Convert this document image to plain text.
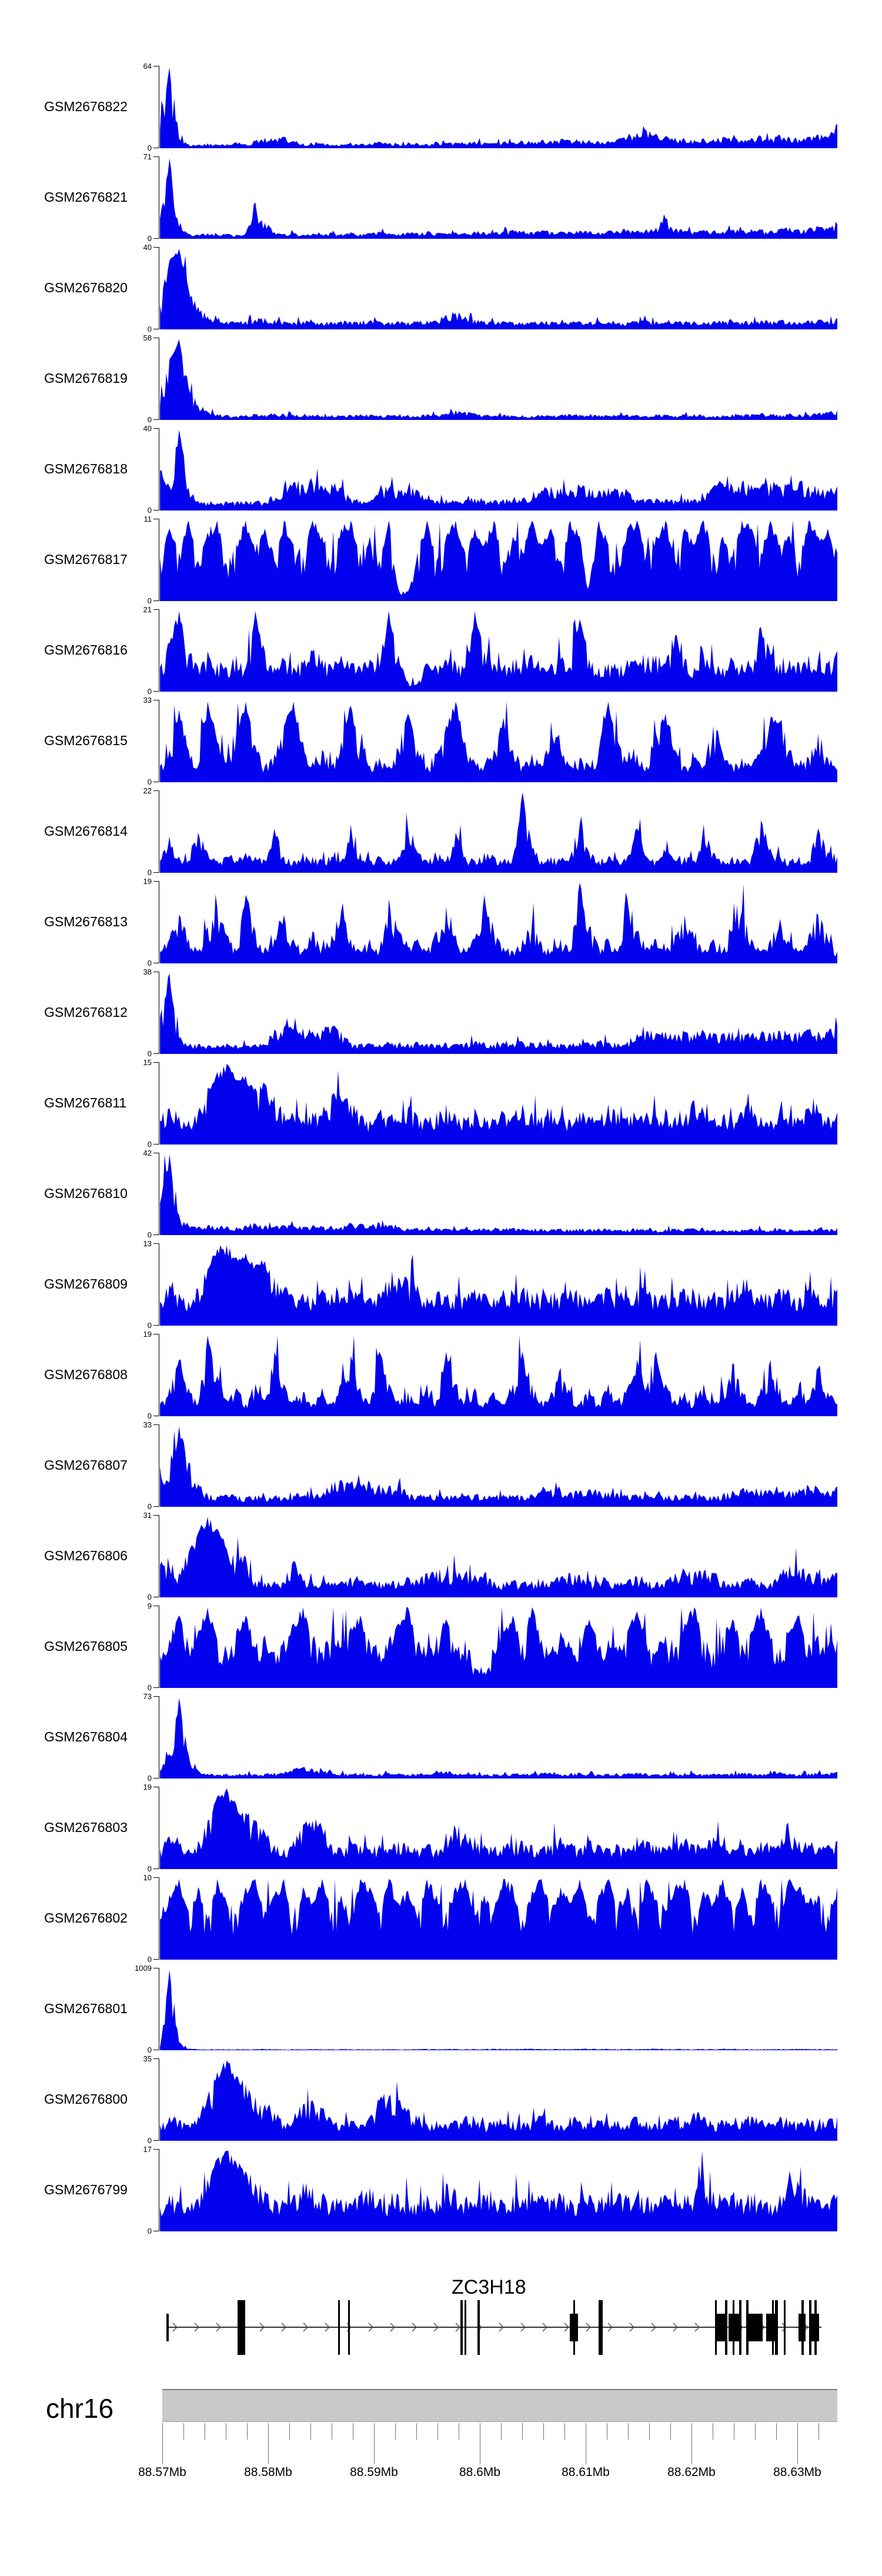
GSM2676822
64
0
GSM2676821
71
0
GSM2676820
40
0
GSM2676819
58
0
GSM2676818
40
0
GSM2676817
11
0
GSM2676816
21
0
GSM2676815
33
0
GSM2676814
22
0
GSM2676813
19
0
GSM2676812
38
0
GSM2676811
15
0
GSM2676810
42
0
GSM2676809
13
0
GSM2676808
19
0
GSM2676807
33
0
GSM2676806
31
0
GSM2676805
9
0
GSM2676804
73
0
GSM2676803
19
0
GSM2676802
10
0
GSM2676801
1009
0
GSM2676800
35
0
GSM2676799
17
0
ZC3H18
chr16
88.57Mb	88.58Mb	88.59Mb	88.6Mb	88.61Mb	88.62Mb	88.63Mb
